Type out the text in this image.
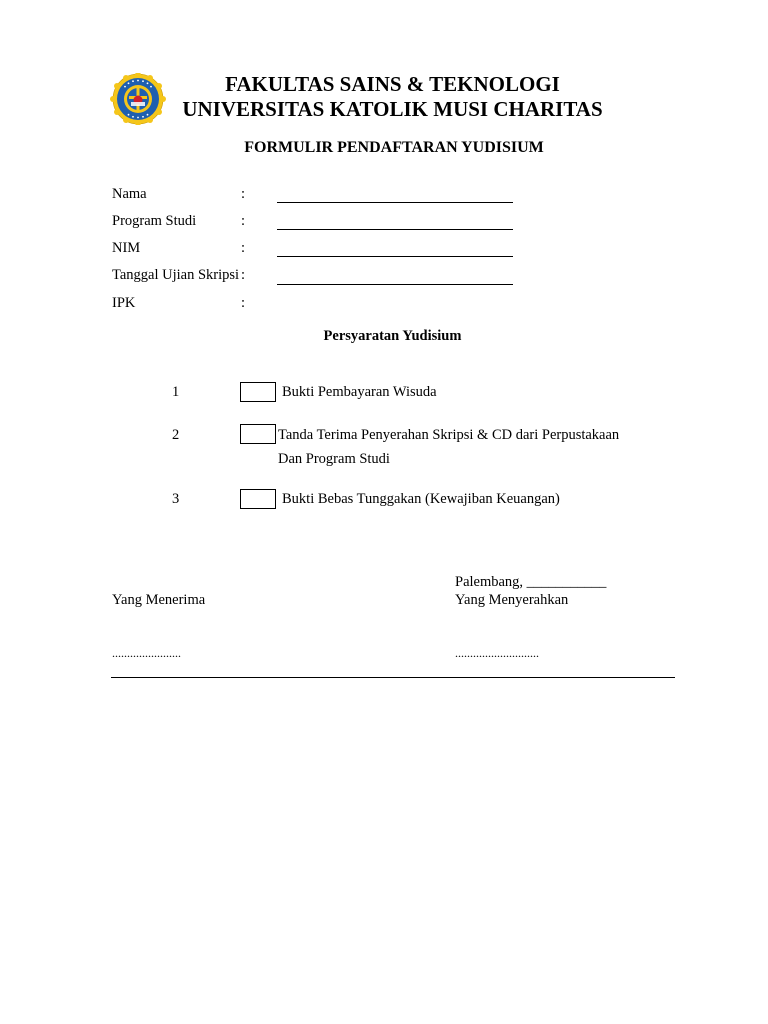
FAKULTAS SAINS & TEKNOLOGI
UNIVERSITAS KATOLIK MUSI CHARITAS
FORMULIR PENDAFTARAN YUDISIUM
Nama	:
Program Studi	:
NIM	:
Tanggal Ujian Skripsi :
IPK	:
Persyaratan Yudisium
1	Bukti Pembayaran Wisuda
2	Tanda Terima Penyerahan Skripsi & CD dari Perpustakaan
Dan Program Studi
3	Bukti Bebas Tunggakan (Kewajiban Keuangan)
Palembang, ___________
Yang Menerima	Yang Menyerahkan
.......................	............................
